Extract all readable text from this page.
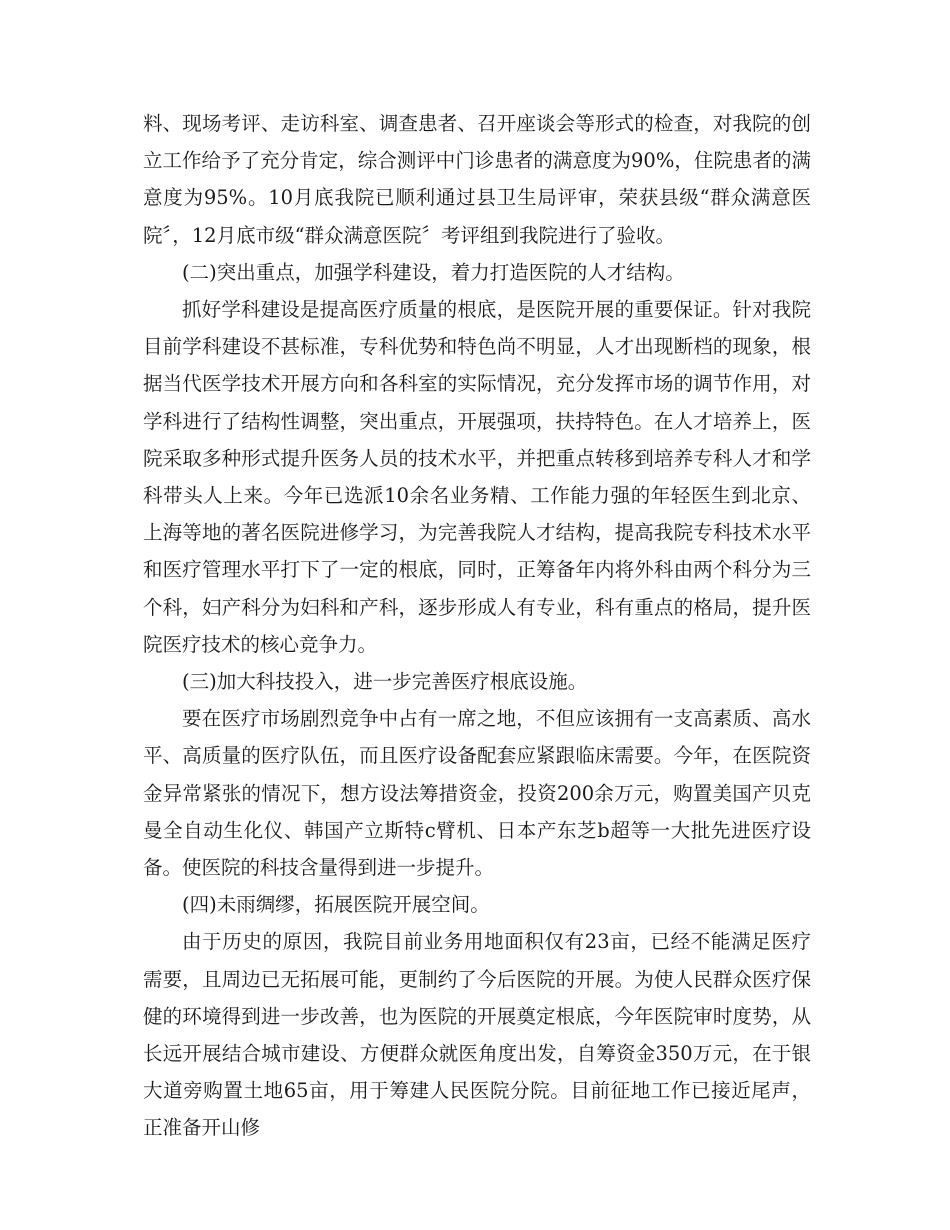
料、现场考评、走访科室、调查患者、召开座谈会等形式的检查，对我院的创立工作给予了充分肯定，综合测评中门诊患者的满意度为90%，住院患者的满意度为95%。10月底我院已顺利通过县卫生局评审，荣获县级“群众满意医院〞，12月底市级“群众满意医院〞考评组到我院进行了验收。

(二)突出重点，加强学科建设，着力打造医院的人才结构。

抓好学科建设是提高医疗质量的根底，是医院开展的重要保证。针对我院目前学科建设不甚标准，专科优势和特色尚不明显，人才出现断档的现象，根据当代医学技术开展方向和各科室的实际情况，充分发挥市场的调节作用，对学科进行了结构性调整，突出重点，开展强项，扶持特色。在人才培养上，医院采取多种形式提升医务人员的技术水平，并把重点转移到培养专科人才和学科带头人上来。今年已选派10余名业务精、工作能力强的年轻医生到北京、上海等地的著名医院进修学习，为完善我院人才结构，提高我院专科技术水平和医疗管理水平打下了一定的根底，同时，正筹备年内将外科由两个科分为三个科，妇产科分为妇科和产科，逐步形成人有专业，科有重点的格局，提升医院医疗技术的核心竞争力。

(三)加大科技投入，进一步完善医疗根底设施。

要在医疗市场剧烈竞争中占有一席之地，不但应该拥有一支高素质、高水平、高质量的医疗队伍，而且医疗设备配套应紧跟临床需要。今年，在医院资金异常紧张的情况下，想方设法筹措资金，投资200余万元，购置美国产贝克曼全自动生化仪、韩国产立斯特c臂机、日本产东芝b超等一大批先进医疗设备。使医院的科技含量得到进一步提升。

(四)未雨绸缪，拓展医院开展空间。

由于历史的原因，我院目前业务用地面积仅有23亩，已经不能满足医疗需要，且周边已无拓展可能，更制约了今后医院的开展。为使人民群众医疗保健的环境得到进一步改善，也为医院的开展奠定根底，今年医院审时度势，从长远开展结合城市建设、方便群众就医角度出发，自筹资金350万元，在于银大道旁购置土地65亩，用于筹建人民医院分院。目前征地工作已接近尾声，正准备开山修
